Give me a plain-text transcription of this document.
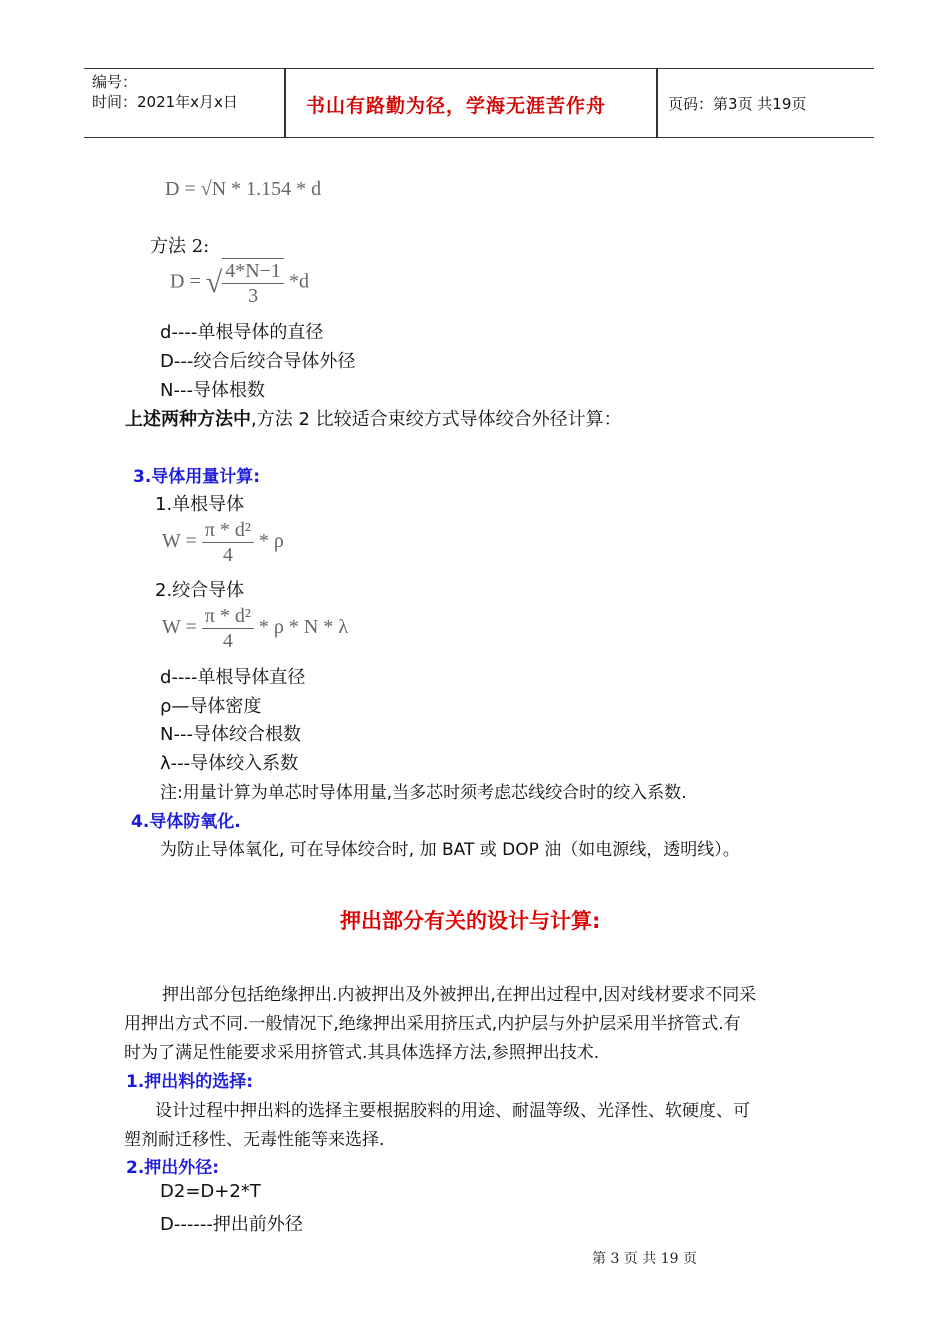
编号：
时间：2021年x月x日	书山有路勤为径，学海无涯苦作舟	页码：第3页 共19页
D = √N * 1.154 * d
方法 2:
D = √ $\frac{4*N-1}{3} *d$
d----单根导体的直径
D---绞合后绞合导体外径
N---导体根数
上述两种方法中,方法 2 比较适合束绞方式导体绞合外径计算：
3.导体用量计算:
1.单根导体
$W = \frac{\text{π * d²}}{4} * \rho$
2.绞合导体
$W = \frac{\text{π * d²}}{4} * \rho * N * \lambda$
d----单根导体直径
ρ—导体密度
N---导体绞合根数
λ---导体绞入系数
注:用量计算为单芯时导体用量,当多芯时须考虑芯线绞合时的绞入系数.
4.导体防氧化.
为防止导体氧化, 可在导体绞合时, 加 BAT 或 DOP 油（如电源线，透明线）。
押出部分有关的设计与计算:
押出部分包括绝缘押出.内被押出及外被押出,在押出过程中,因对线材要求不同采
用押出方式不同.一般情况下,绝缘押出采用挤压式,内护层与外护层采用半挤管式.有
时为了满足性能要求采用挤管式.其具体选择方法,参照押出技术.
1.押出料的选择:
设计过程中押出料的选择主要根据胶料的用途、耐温等级、光泽性、软硬度、可
塑剂耐迁移性、无毒性能等来选择.
2.押出外径:
D2=D+2*T
D------押出前外径
第 3 页 共 19 页
